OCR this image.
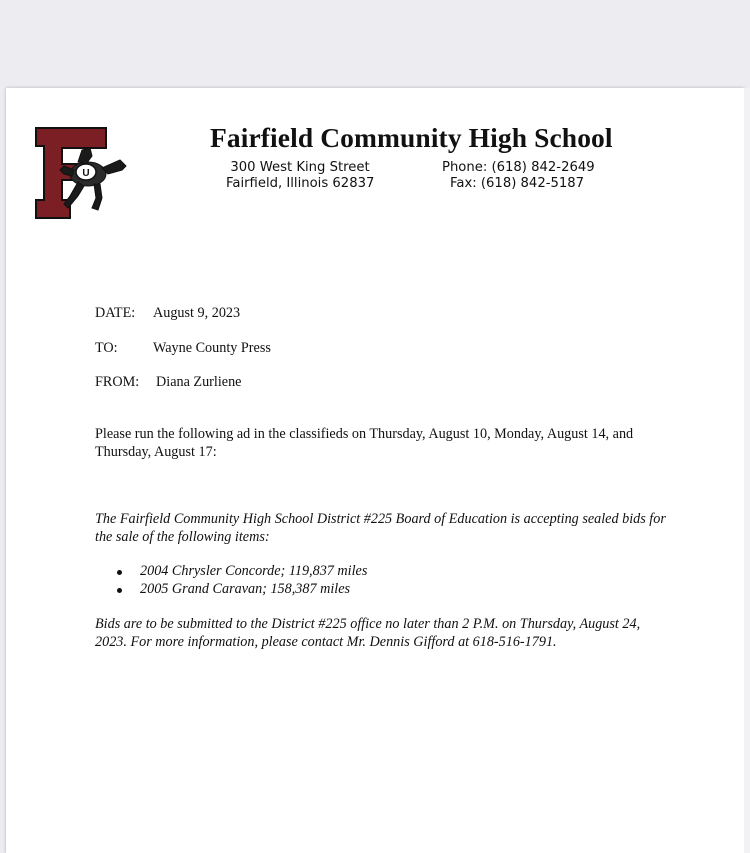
U
Fairfield Community High School
300 West King Street
Fairfield, Illinois 62837
Phone: (618) 842-2649
Fax: (618) 842-5187
DATE: August 9, 2023
TO: Wayne County Press
FROM: Diana Zurliene
Please run the following ad in the classifieds on Thursday, August 10, Monday, August 14, and Thursday, August 17:
The Fairfield Community High School District #225 Board of Education is accepting sealed bids for the sale of the following items:
2004 Chrysler Concorde; 119,837 miles
2005 Grand Caravan; 158,387 miles
Bids are to be submitted to the District #225 office no later than 2 P.M. on Thursday, August 24, 2023. For more information, please contact Mr. Dennis Gifford at 618-516-1791.
